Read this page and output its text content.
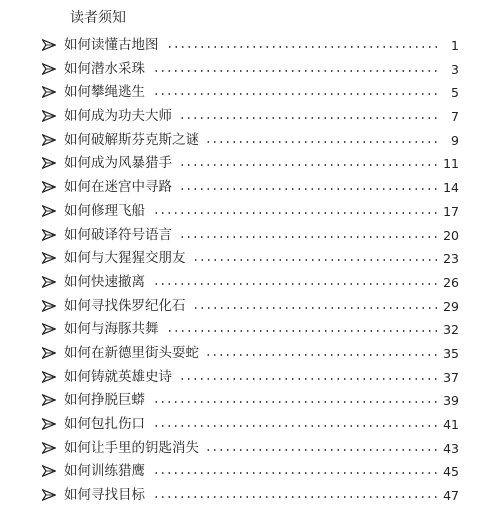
读者须知
如何读懂古地图	1
如何潜水采珠	3
如何攀绳逃生	5
如何成为功夫大师	7
如何破解斯芬克斯之谜	9
如何成为风暴猎手	11
如何在迷宫中寻路	14
如何修理飞船	17
如何破译符号语言	20
如何与大猩猩交朋友	23
如何快速撤离	26
如何寻找侏罗纪化石	29
如何与海豚共舞	32
如何在新德里街头耍蛇	35
如何铸就英雄史诗	37
如何挣脱巨蟒	39
如何包扎伤口	41
如何让手里的钥匙消失	43
如何训练猎鹰	45
如何寻找目标	47
